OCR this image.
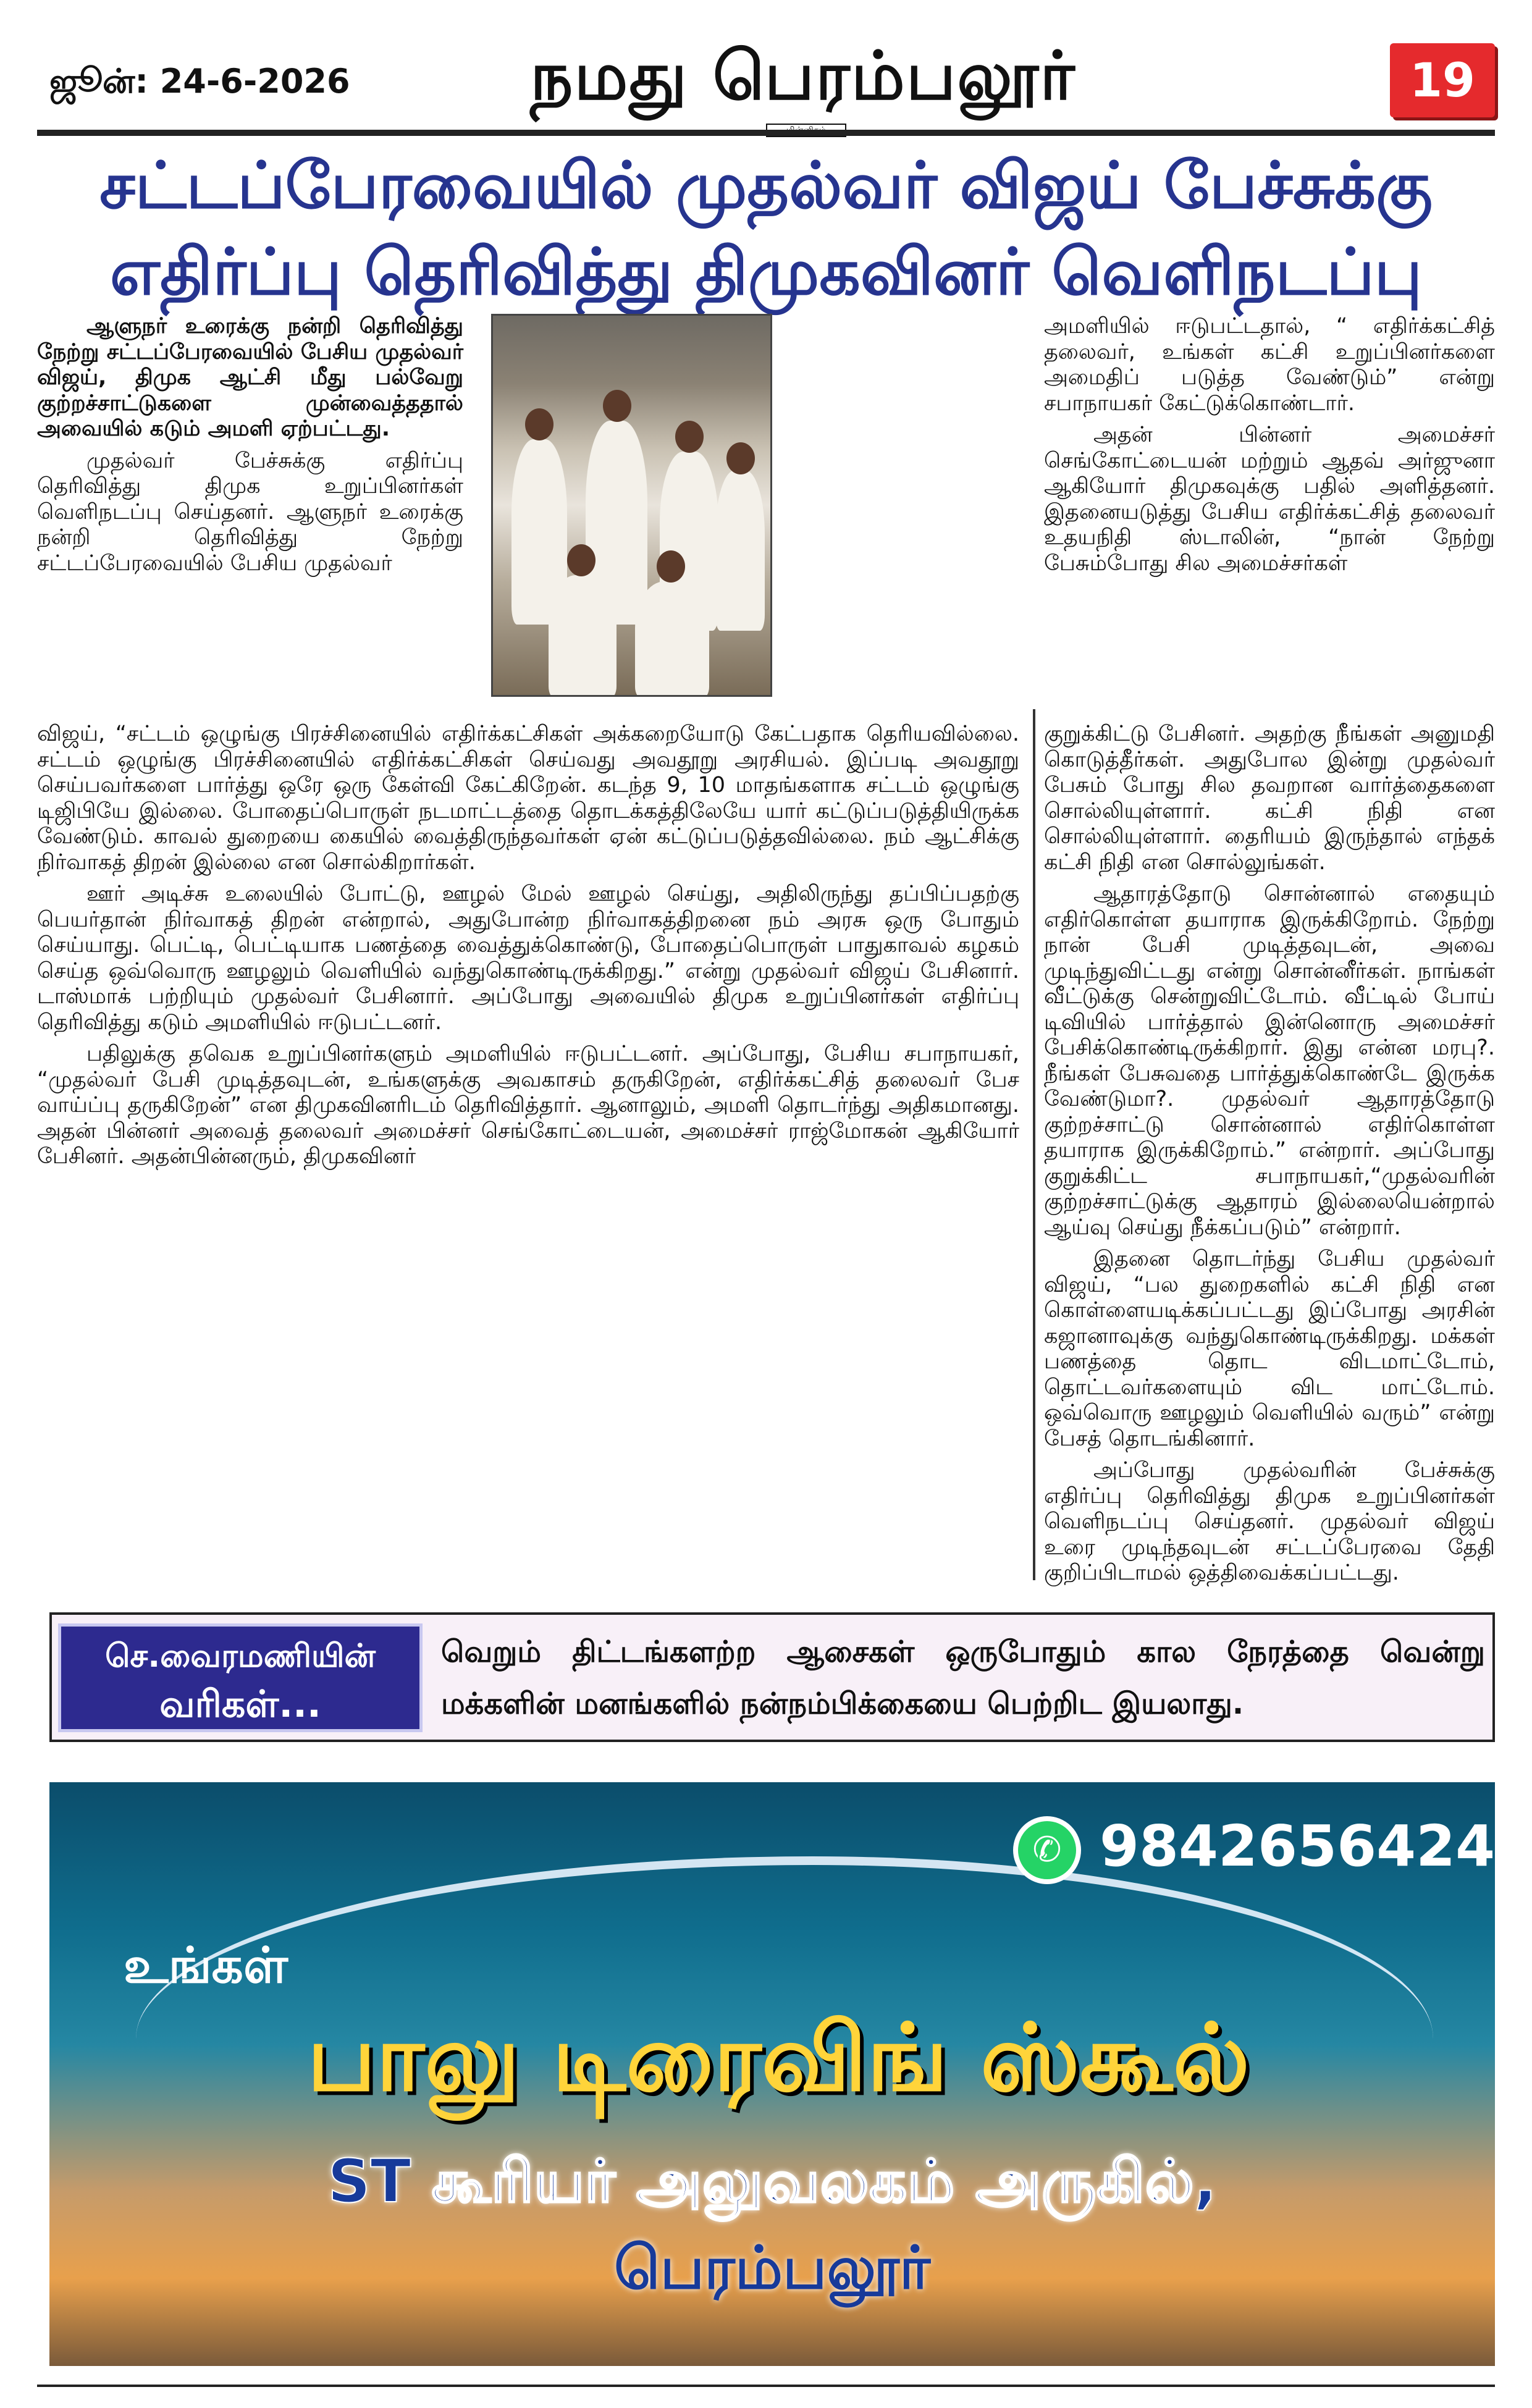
ஜூன்: 24-6-2026	நமது பெரம்பலூர்	19
சட்டப்பேரவையில் முதல்வர் விஜய் பேச்சுக்கு
எதிர்ப்பு தெரிவித்து திமுகவினர் வெளிநடப்பு

ஆளுநர் உரைக்கு நன்றி தெரிவித்து நேற்று சட்டப்பேரவையில் பேசிய முதல்வர் விஜய், திமுக ஆட்சி மீது பல்வேறு குற்றச்சாட்டுகளை முன்வைத்ததால் அவையில் கடும் அமளி ஏற்பட்டது.

முதல்வர் பேச்சுக்கு எதிர்ப்பு தெரிவித்து திமுக உறுப்பினர்கள் வெளிநடப்பு செய்தனர். ஆளுநர் உரைக்கு நன்றி தெரிவித்து நேற்று சட்டப்பேரவையில் பேசிய முதல்வர்

அமளியில் ஈடுபட்டதால், “ எதிர்க்கட்சித் தலைவர், உங்கள் கட்சி உறுப்பினர்களை அமைதிப் படுத்த வேண்டும்” என்று சபாநாயகர் கேட்டுக்கொண்டார்.

அதன் பின்னர் அமைச்சர் செங்கோட்டையன் மற்றும் ஆதவ் அர்ஜுனா ஆகியோர் திமுகவுக்கு பதில் அளித்தனர். இதனையடுத்து பேசிய எதிர்க்கட்சித் தலைவர் உதயநிதி ஸ்டாலின், “நான் நேற்று பேசும்போது சில அமைச்சர்கள்

விஜய், “சட்டம் ஒழுங்கு பிரச்சினையில் எதிர்க்கட்சிகள் அக்கறையோடு கேட்பதாக தெரியவில்லை. சட்டம் ஒழுங்கு பிரச்சினையில் எதிர்க்கட்சிகள் செய்வது அவதூறு அரசியல். இப்படி அவதூறு செய்பவர்களை பார்த்து ஒரே ஒரு கேள்வி கேட்கிறேன். கடந்த 9, 10 மாதங்களாக சட்டம் ஒழுங்கு டிஜிபியே இல்லை. போதைப்பொருள் நடமாட்டத்தை தொடக்கத்திலேயே யார் கட்டுப்படுத்தியிருக்க வேண்டும். காவல் துறையை கையில் வைத்திருந்தவர்கள் ஏன் கட்டுப்படுத்தவில்லை. நம் ஆட்சிக்கு நிர்வாகத் திறன் இல்லை என சொல்கிறார்கள்.

ஊர் அடிச்சு உலையில் போட்டு, ஊழல் மேல் ஊழல் செய்து, அதிலிருந்து தப்பிப்பதற்கு பெயர்தான் நிர்வாகத் திறன் என்றால், அதுபோன்ற நிர்வாகத்திறனை நம் அரசு ஒரு போதும் செய்யாது. பெட்டி, பெட்டியாக பணத்தை வைத்துக்கொண்டு, போதைப்பொருள் பாதுகாவல் கழகம் செய்த ஒவ்வொரு ஊழலும் வெளியில் வந்துகொண்டிருக்கிறது.” என்று முதல்வர் விஜய் பேசினார். டாஸ்மாக் பற்றியும் முதல்வர் பேசினார். அப்போது அவையில் திமுக உறுப்பினர்கள் எதிர்ப்பு தெரிவித்து கடும் அமளியில் ஈடுபட்டனர்.

பதிலுக்கு தவெக உறுப்பினர்களும் அமளியில் ஈடுபட்டனர். அப்போது, பேசிய சபாநாயகர், “முதல்வர் பேசி முடித்தவுடன், உங்களுக்கு அவகாசம் தருகிறேன், எதிர்க்கட்சித் தலைவர் பேச வாய்ப்பு தருகிறேன்” என திமுகவினரிடம் தெரிவித்தார். ஆனாலும், அமளி தொடர்ந்து அதிகமானது. அதன் பின்னர் அவைத் தலைவர் அமைச்சர் செங்கோட்டையன், அமைச்சர் ராஜ்மோகன் ஆகியோர் பேசினர். அதன்பின்னரும், திமுகவினர்

குறுக்கிட்டு பேசினர். அதற்கு நீங்கள் அனுமதி கொடுத்தீர்கள். அதுபோல இன்று முதல்வர் பேசும் போது சில தவறான வார்த்தைகளை சொல்லியுள்ளார். கட்சி நிதி என சொல்லியுள்ளார். தைரியம் இருந்தால் எந்தக் கட்சி நிதி என சொல்லுங்கள்.

ஆதாரத்தோடு சொன்னால் எதையும் எதிர்கொள்ள தயாராக இருக்கிறோம். நேற்று நான் பேசி முடித்தவுடன், அவை முடிந்துவிட்டது என்று சொன்னீர்கள். நாங்கள் வீட்டுக்கு சென்றுவிட்டோம். வீட்டில் போய் டிவியில் பார்த்தால் இன்னொரு அமைச்சர் பேசிக்கொண்டிருக்கிறார். இது என்ன மரபு?. நீங்கள் பேசுவதை பார்த்துக்கொண்டே இருக்க வேண்டுமா?. முதல்வர் ஆதாரத்தோடு குற்றச்சாட்டு சொன்னால் எதிர்கொள்ள தயாராக இருக்கிறோம்.” என்றார். அப்போது குறுக்கிட்ட சபாநாயகர்,“முதல்வரின் குற்றச்சாட்டுக்கு ஆதாரம் இல்லையென்றால் ஆய்வு செய்து நீக்கப்படும்” என்றார்.

இதனை தொடர்ந்து பேசிய முதல்வர் விஜய், “பல துறைகளில் கட்சி நிதி என கொள்ளையடிக்கப்பட்டது இப்போது அரசின் கஜானாவுக்கு வந்துகொண்டிருக்கிறது. மக்கள் பணத்தை தொட விடமாட்டோம், தொட்டவர்களையும் விட மாட்டோம். ஒவ்வொரு ஊழலும் வெளியில் வரும்” என்று பேசத் தொடங்கினார்.

அப்போது முதல்வரின் பேச்சுக்கு எதிர்ப்பு தெரிவித்து திமுக உறுப்பினர்கள் வெளிநடப்பு செய்தனர். முதல்வர் விஜய் உரை முடிந்தவுடன் சட்டப்பேரவை தேதி குறிப்பிடாமல் ஒத்திவைக்கப்பட்டது.

செ.வைரமணியின்
வரிகள்...
வெறும் திட்டங்களற்ற ஆசைகள் ஒருபோதும் கால நேரத்தை வென்று மக்களின் மனங்களில் நன்நம்பிக்கையை பெற்றிட இயலாது.
✆ 9842656424
உங்கள்
பாலு டிரைவிங் ஸ்கூல்
ST கூரியர் அலுவலகம் அருகில்,
பெரம்பலூர்
